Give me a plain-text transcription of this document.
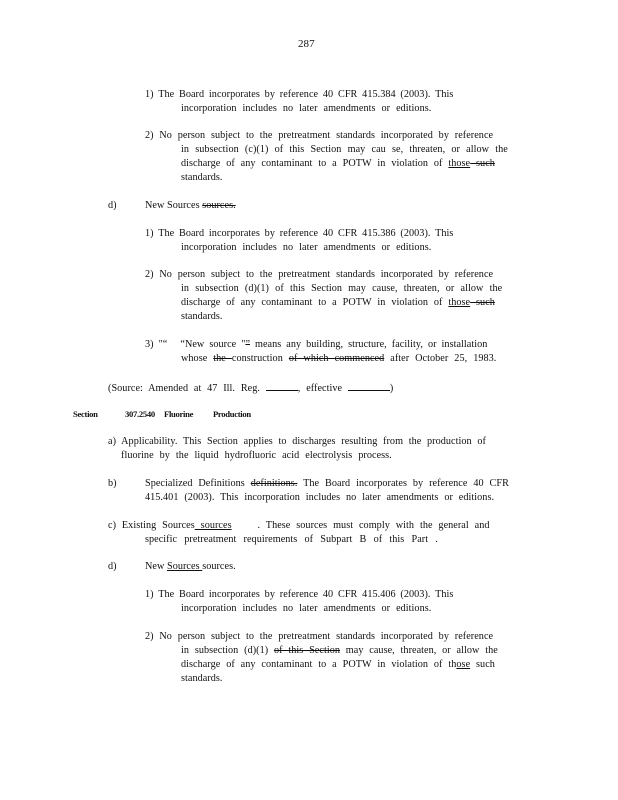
287
1) The Board incorporates by reference 40 CFR 415.384 (2003). This
incorporation includes no later amendments or editions.
2) No person subject to the pretreatment standards incorporated by reference
in subsection (c)(1) of this Section may cau se, threaten, or allow the
discharge of any contaminant to a POTW in violation of those such
standards.
d)	New Sources sources.
1) The Board incorporates by reference 40 CFR 415.386 (2003). This
incorporation includes no later amendments or editions.
2) No person subject to the pretreatment standards incorporated by reference
in subsection (d)(1) of this Section may cause, threaten, or allow the
discharge of any contaminant to a POTW in violation of those such
standards.
3) "“ “New source "” means any building, structure, facility, or installation
whose the construction of which commenced after October 25, 1983.
(Source: Amended at 47 Ill. Reg.	, effective	)
Section	307.2540 Fluorine Production
a) Applicability. This Section applies to discharges resulting from the production of
fluorine by the liquid hydrofluoric acid electrolysis process.
b)	Specialized Definitions definitions. The Board incorporates by reference 40 CFR
415.401 (2003). This incorporation includes no later amendments or editions.
c) Existing Sources sources . These sources must comply with the general and
specific pretreatment requirements of Subpart B of this Part .
d)	New Sources sources.
1) The Board incorporates by reference 40 CFR 415.406 (2003). This
incorporation includes no later amendments or editions.
2) No person subject to the pretreatment standards incorporated by reference
in subsection (d)(1) of this Section may cause, threaten, or allow the
discharge of any contaminant to a POTW in violation of those such
standards.
